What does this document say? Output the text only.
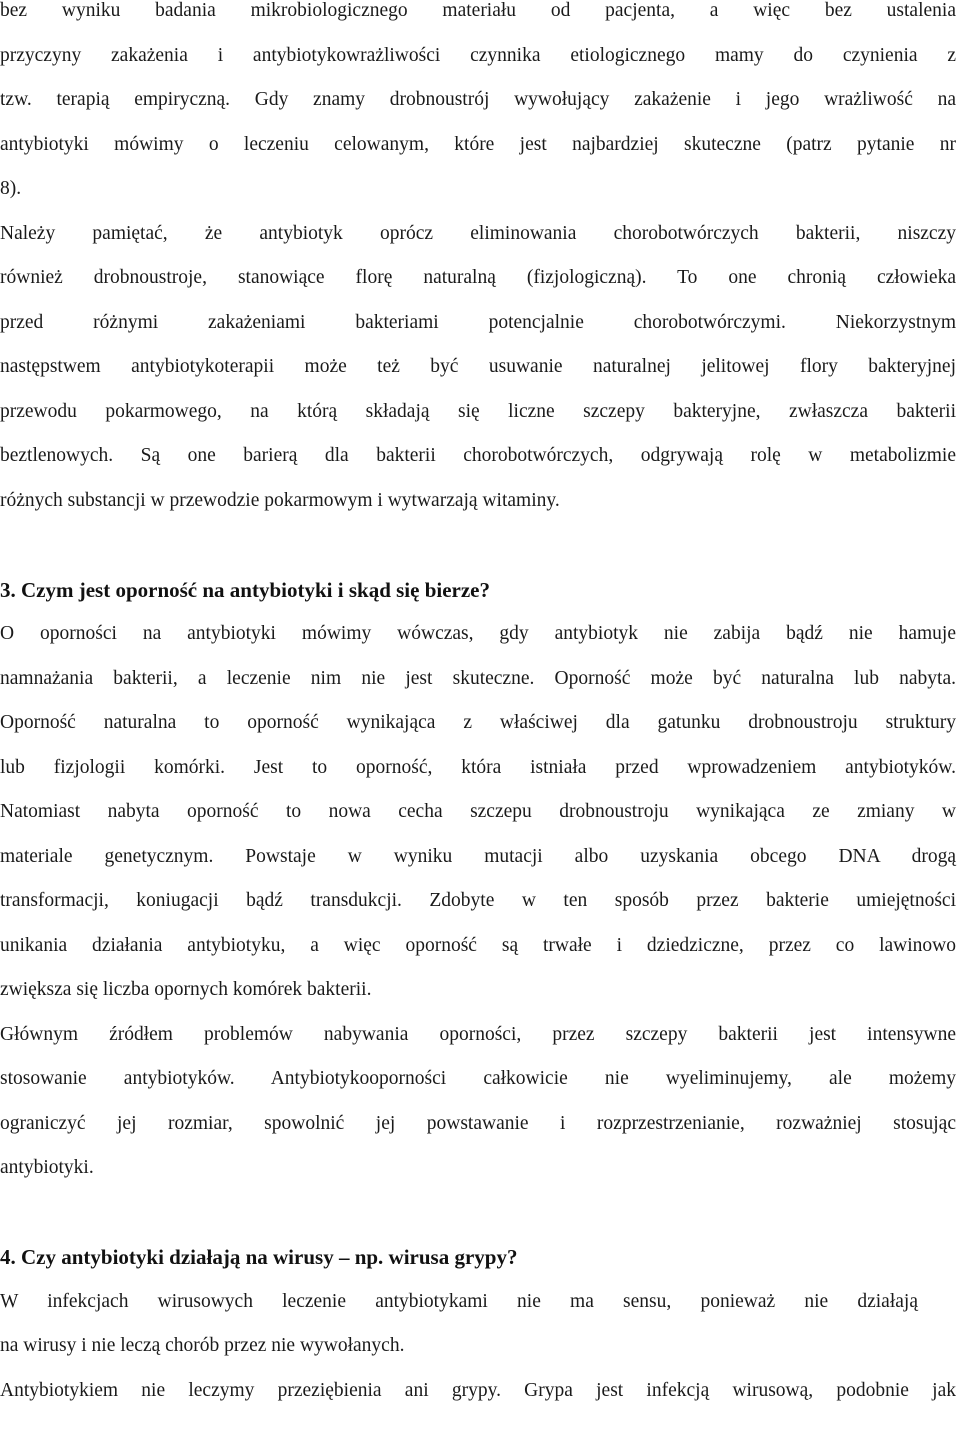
bez wyniku badania mikrobiologicznego materiału od pacjenta, a więc bez ustalenia
przyczyny zakażenia i antybiotykowrażliwości czynnika etiologicznego mamy do czynienia z
tzw. terapią empiryczną. Gdy znamy drobnoustrój wywołujący zakażenie i jego wrażliwość na
antybiotyki mówimy o leczeniu celowanym, które jest najbardziej skuteczne (patrz pytanie nr
8).
Należy pamiętać, że antybiotyk oprócz eliminowania chorobotwórczych bakterii, niszczy
również drobnoustroje, stanowiące florę naturalną (fizjologiczną). To one chronią człowieka
przed różnymi zakażeniami bakteriami potencjalnie chorobotwórczymi. Niekorzystnym
następstwem antybiotykoterapii może też być usuwanie naturalnej jelitowej flory bakteryjnej
przewodu pokarmowego, na którą składają się liczne szczepy bakteryjne, zwłaszcza bakterii
beztlenowych. Są one barierą dla bakterii chorobotwórczych, odgrywają rolę w metabolizmie
różnych substancji w przewodzie pokarmowym i wytwarzają witaminy.
3. Czym jest oporność na antybiotyki i skąd się bierze?
O oporności na antybiotyki mówimy wówczas, gdy antybiotyk nie zabija bądź nie hamuje
namnażania bakterii, a leczenie nim nie jest skuteczne. Oporność może być naturalna lub nabyta.
Oporność naturalna to oporność wynikająca z właściwej dla gatunku drobnoustroju struktury
lub fizjologii komórki. Jest to oporność, która istniała przed wprowadzeniem antybiotyków.
Natomiast nabyta oporność to nowa cecha szczepu drobnoustroju wynikająca ze zmiany w
materiale genetycznym. Powstaje w wyniku mutacji albo uzyskania obcego DNA drogą
transformacji, koniugacji bądź transdukcji. Zdobyte w ten sposób przez bakterie umiejętności
unikania działania antybiotyku, a więc oporność są trwałe i dziedziczne, przez co lawinowo
zwiększa się liczba opornych komórek bakterii.
Głównym źródłem problemów nabywania oporności, przez szczepy bakterii jest intensywne
stosowanie antybiotyków. Antybiotykooporności całkowicie nie wyeliminujemy, ale możemy
ograniczyć jej rozmiar, spowolnić jej powstawanie i rozprzestrzenianie, rozważniej stosując
antybiotyki.
4. Czy antybiotyki działają na wirusy – np. wirusa grypy?
W infekcjach wirusowych leczenie antybiotykami nie ma sensu, ponieważ nie działają
na wirusy i nie leczą chorób przez nie wywołanych.
Antybiotykiem nie leczymy przeziębienia ani grypy. Grypa jest infekcją wirusową, podobnie jak
